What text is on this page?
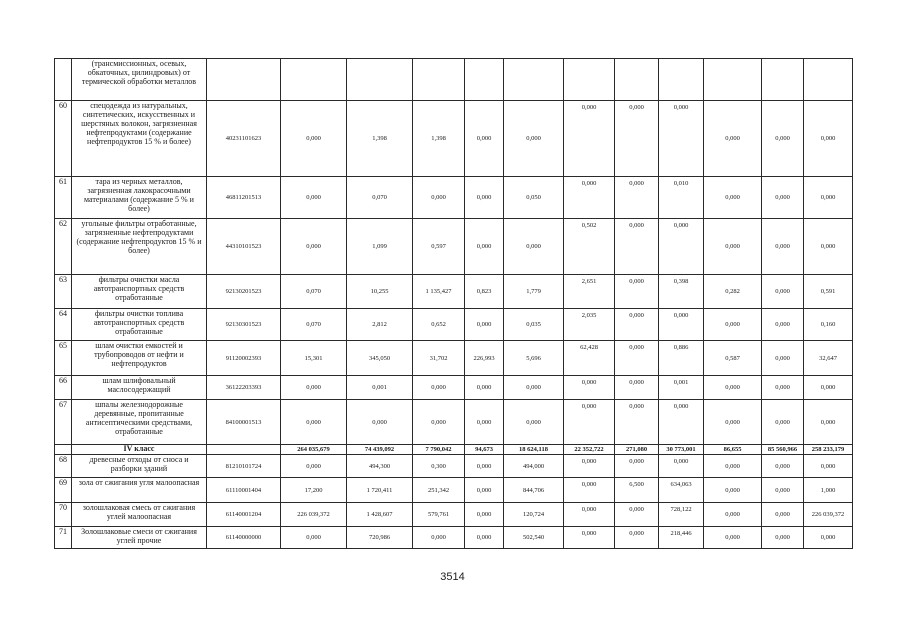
	(трансмиссионных, осевых, обкаточных, цилиндровых) от термической обработки металлов												
60	спецодежда из натуральных, синтетических, искусственных и шерстяных волокон, загрязненная нефтепродуктами (содержание нефтепродуктов 15 % и более)	40231101623	0,000	1,398	1,398	0,000	0,000	0,000	0,000	0,000	0,000	0,000	0,000
61	тара из черных металлов, загрязненная лакокрасочными материалами (содержание 5 % и более)	46811201513	0,000	0,070	0,000	0,000	0,050	0,000	0,000	0,010	0,000	0,000	0,000
62	угольные фильтры отработанные, загрязненные нефтепродуктами (содержание нефтепродуктов 15 % и более)	44310101523	0,000	1,099	0,597	0,000	0,000	0,502	0,000	0,000	0,000	0,000	0,000
63	фильтры очистки масла автотранспортных средств отработанные	92130201523	0,070	10,255	1 135,427	0,823	1,779	2,651	0,000	0,398	0,282	0,000	0,591
64	фильтры очистки топлива автотранспортных средств отработанные	92130301523	0,070	2,812	0,652	0,000	0,035	2,035	0,000	0,000	0,000	0,000	0,160
65	шлам очистки емкостей и трубопроводов от нефти и нефтепродуктов	91120002393	15,301	345,050	31,702	226,993	5,696	62,428	0,000	0,886	0,587	0,000	32,647
66	шлам шлифовальный маслосодержащий	36122203393	0,000	0,001	0,000	0,000	0,000	0,000	0,000	0,001	0,000	0,000	0,000
67	шпалы железнодорожные деревянные, пропитанные антисептическими средствами, отработанные	84100001513	0,000	0,000	0,000	0,000	0,000	0,000	0,000	0,000	0,000	0,000	0,000
	IV класс		264 035,679	74 439,092	7 790,042	94,673	18 624,118	22 352,722	271,080	30 773,001	86,655	85 560,966	258 233,179
68	древесные отходы от сноса и разборки зданий	81210101724	0,000	494,300	0,300	0,000	494,000	0,000	0,000	0,000	0,000	0,000	0,000
69	зола от сжигания угля малоопасная	61110001404	17,200	1 720,411	251,342	0,000	844,706	0,000	6,500	634,063	0,000	0,000	1,000
70	золошлаковая смесь от сжигания углей малоопасная	61140001204	226 039,372	1 428,607	579,761	0,000	120,724	0,000	0,000	728,122	0,000	0,000	226 039,372
71	Золошлаковые смеси от сжигания углей прочие	61140000000	0,000	720,986	0,000	0,000	502,540	0,000	0,000	218,446	0,000	0,000	0,000
3514
